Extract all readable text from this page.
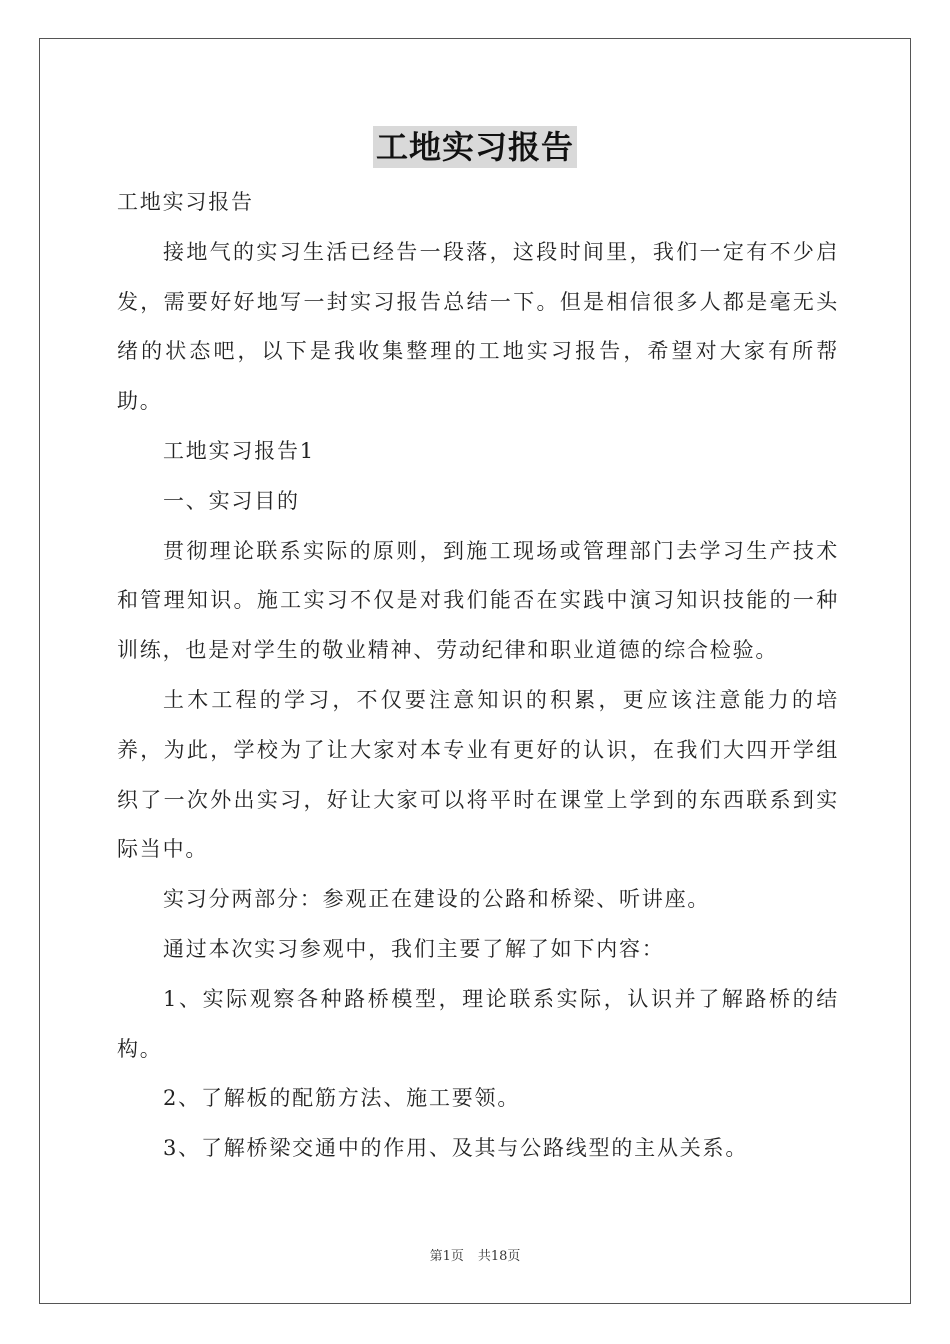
工地实习报告

工地实习报告

接地气的实习生活已经告一段落，这段时间里，我们一定有不少启发，需要好好地写一封实习报告总结一下。但是相信很多人都是毫无头绪的状态吧，以下是我收集整理的工地实习报告，希望对大家有所帮助。

工地实习报告1

一、实习目的

贯彻理论联系实际的原则，到施工现场或管理部门去学习生产技术和管理知识。施工实习不仅是对我们能否在实践中演习知识技能的一种训练，也是对学生的敬业精神、劳动纪律和职业道德的综合检验。

土木工程的学习，不仅要注意知识的积累，更应该注意能力的培养，为此，学校为了让大家对本专业有更好的认识，在我们大四开学组织了一次外出实习，好让大家可以将平时在课堂上学到的东西联系到实际当中。

实习分两部分：参观正在建设的公路和桥梁、听讲座。

通过本次实习参观中，我们主要了解了如下内容：

1、实际观察各种路桥模型，理论联系实际，认识并了解路桥的结构。

2、了解板的配筋方法、施工要领。

3、了解桥梁交通中的作用、及其与公路线型的主从关系。

第1页 共18页
